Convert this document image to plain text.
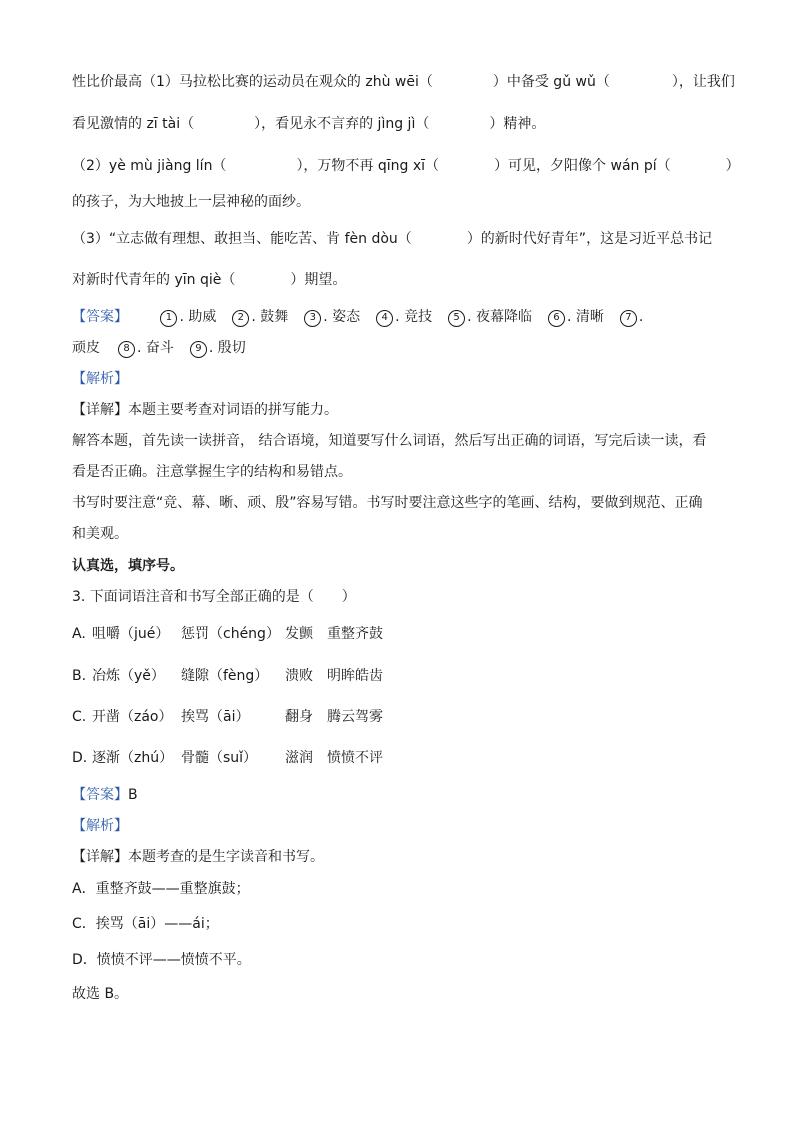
性比价最高（1）马拉松比赛的运动员在观众的 zhù wēi（	）中备受 gǔ wǔ（	），让我们
看见激情的 zī tài（	），看见永不言弃的 jìng jì（	）精神。
（2）yè mù jiàng lín（	），万物不再 qīng xī（	）可见，夕阳像个 wán pí（	）
的孩子，为大地披上一层神秘的面纱。
（3）“立志做有理想、敢担当、能吃苦、肯 fèn dòu（	）的新时代好青年”，这是习近平总书记
对新时代青年的 yīn qiè（	）期望。
【答案】	1 . 助威 2 . 鼓舞 3 . 姿态 4 . 竞技 5 . 夜幕降临 6 . 清晰 7 .
顽皮 8 . 奋斗 9 . 殷切
【解析】
【详解】本题主要考查对词语的拼写能力。
解答本题，首先读一读拼音， 结合语境，知道要写什么词语，然后写出正确的词语，写完后读一读，看
看是否正确。注意掌握生字的结构和易错点。
书写时要注意“竞、幕、晰、顽、殷”容易写错。书写时要注意这些字的笔画、结构，要做到规范、正确
和美观。
认真选，填序号。
3. 下面词语注音和书写全部正确的是（　　）
A. 咀嚼（jué） 惩罚（chéng） 发颤 重整齐鼓
B. 冶炼（yě） 缝隙（fèng） 溃败 明眸皓齿
C. 开凿（záo） 挨骂（āi）	翻身 腾云驾雾
D. 逐渐（zhú） 骨髓（suǐ） 滋润 愤愤不评
【答案】B
【解析】
【详解】本题考查的是生字读音和书写。
A．重整齐鼓——重整旗鼓；
C．挨骂（āi）——ái；
D．愤愤不评——愤愤不平。
故选 B。
